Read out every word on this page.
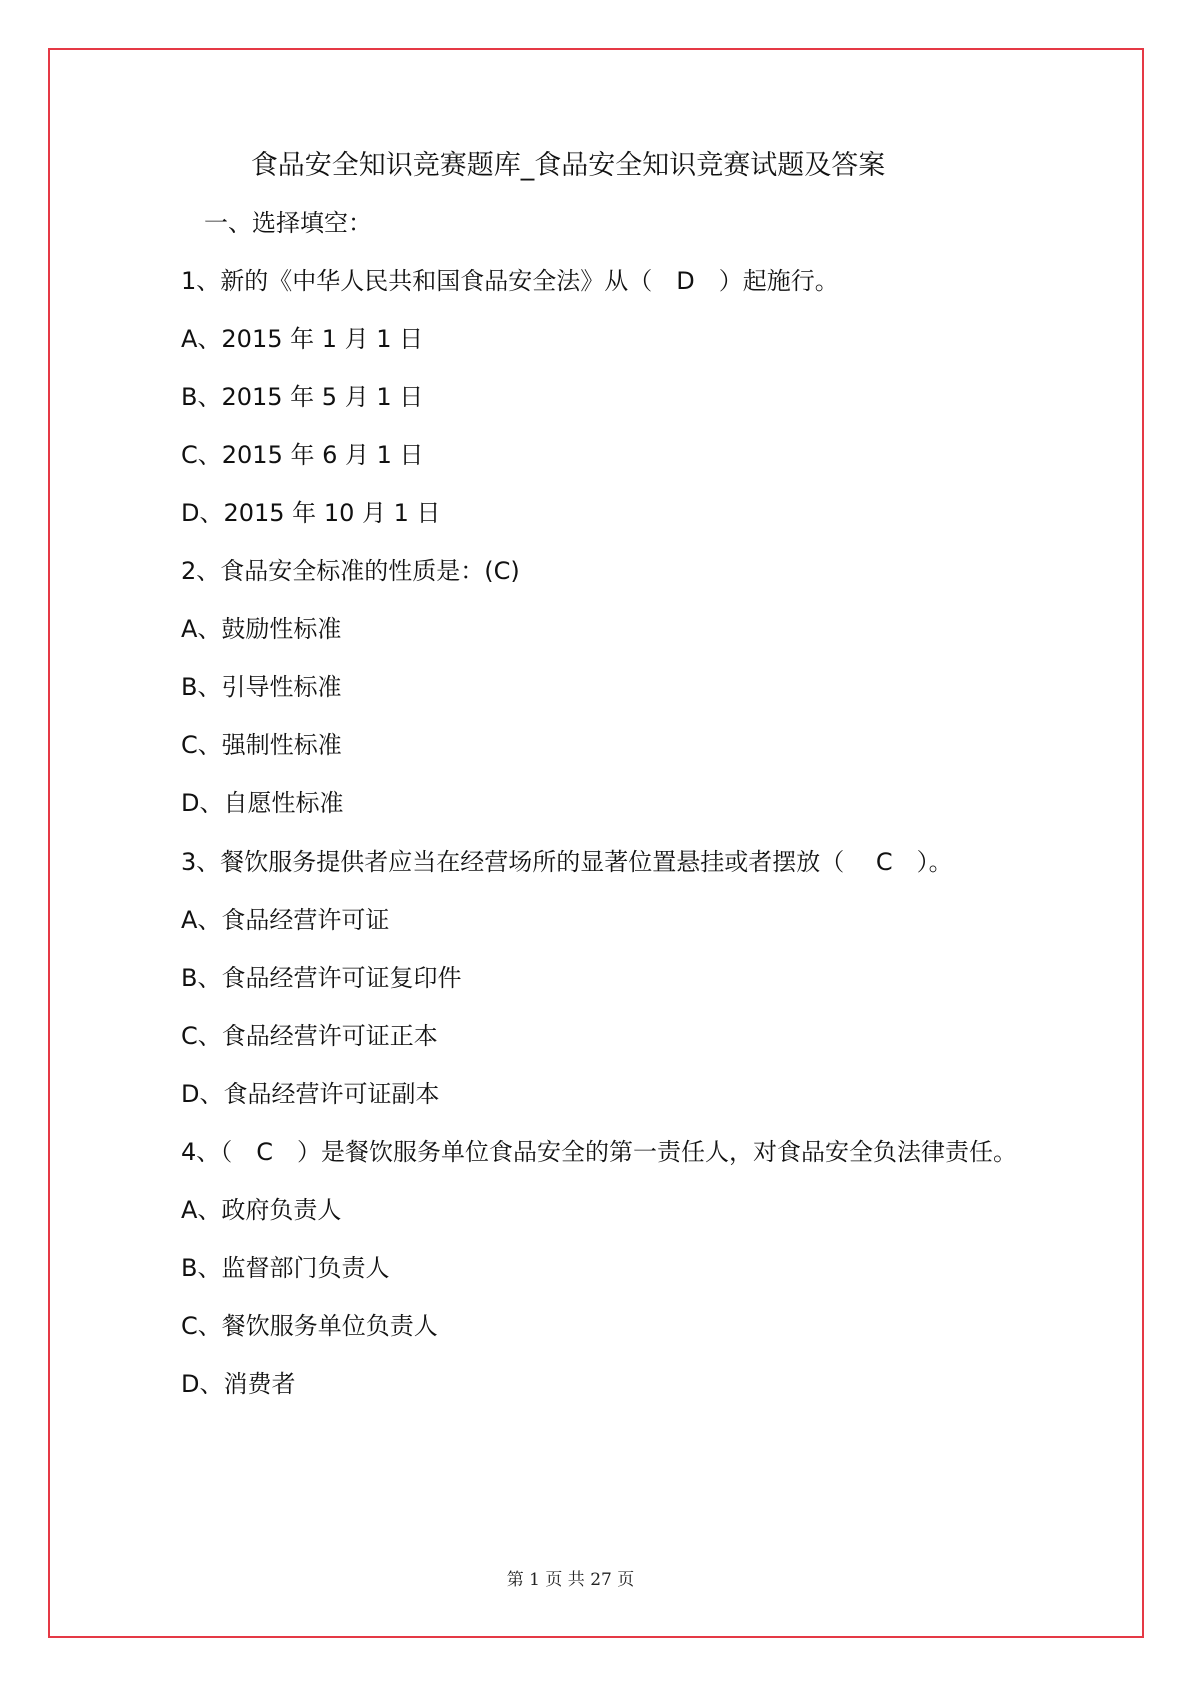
食品安全知识竞赛题库_食品安全知识竞赛试题及答案
一、选择填空：
1、新的《中华人民共和国食品安全法》从（　D　）起施行。
A、2015 年 1 月 1 日
B、2015 年 5 月 1 日
C、2015 年 6 月 1 日
D、2015 年 10 月 1 日
2、食品安全标准的性质是：(C)
A、鼓励性标准
B、引导性标准
C、强制性标准
D、自愿性标准
3、餐饮服务提供者应当在经营场所的显著位置悬挂或者摆放（　 C　）。
A、食品经营许可证
B、食品经营许可证复印件
C、食品经营许可证正本
D、食品经营许可证副本
4、（　C　）是餐饮服务单位食品安全的第一责任人，对食品安全负法律责任。
A、政府负责人
B、监督部门负责人
C、餐饮服务单位负责人
D、消费者
第 1 页 共 27 页
